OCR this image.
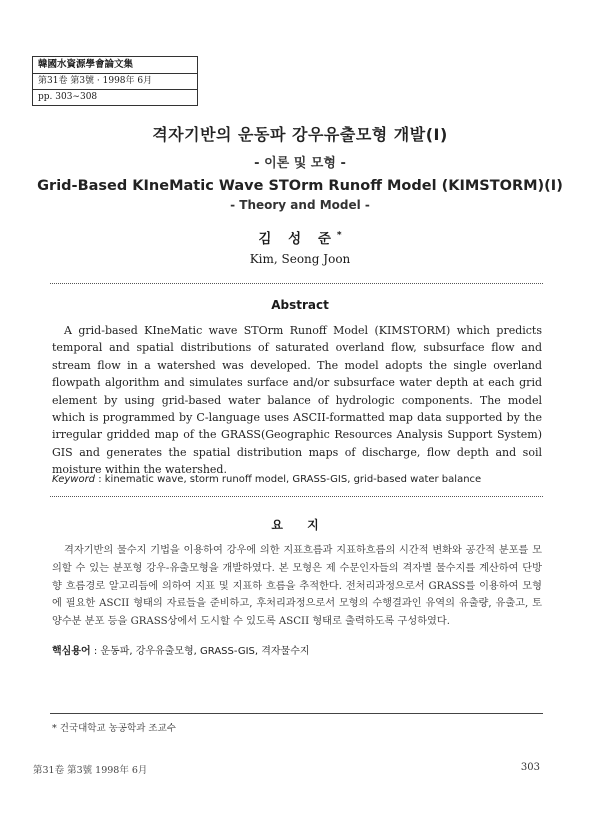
韓國水資源學會論文集
第31卷 第3號 · 1998年 6月
pp. 303∼308
격자기반의 운동파 강우유출모형 개발(I)
- 이론 및 모형 -
Grid-Based KIneMatic Wave STOrm Runoff Model (KIMSTORM)(I)
- Theory and Model -
김 성 준*
Kim, Seong Joon
Abstract

A grid-based KIneMatic wave STOrm Runoff Model (KIMSTORM) which predicts temporal and spatial distributions of saturated overland flow, subsurface flow and stream flow in a watershed was developed. The model adopts the single overland flowpath algorithm and simulates surface and/or subsurface water depth at each grid element by using grid-based water balance of hydrologic components. The model which is programmed by C-language uses ASCII-formatted map data supported by the irregular gridded map of the GRASS(Geographic Resources Analysis Support System) GIS and generates the spatial distribution maps of discharge, flow depth and soil moisture within the watershed.

Keyword : kinematic wave, storm runoff model, GRASS-GIS, grid-based water balance
요 지

격자기반의 물수지 기법을 이용하여 강우에 의한 지표흐름과 지표하흐름의 시간적 변화와 공간적 분포를 모의할 수 있는 분포형 강우-유출모형을 개발하였다. 본 모형은 제 수문인자들의 격자별 물수지를 계산하여 단방향 흐름경로 알고리듬에 의하여 지표 및 지표하 흐름을 추적한다. 전처리과정으로서 GRASS를 이용하여 모형에 필요한 ASCII 형태의 자료들을 준비하고, 후처리과정으로서 모형의 수행결과인 유역의 유출량, 유출고, 토양수분 분포 등을 GRASS상에서 도시할 수 있도록 ASCII 형태로 출력하도록 구성하였다.

핵심용어 : 운동파, 강우유출모형, GRASS-GIS, 격자물수지
* 건국대학교 농공학과 조교수
第31卷 第3號 1998年 6月	303
